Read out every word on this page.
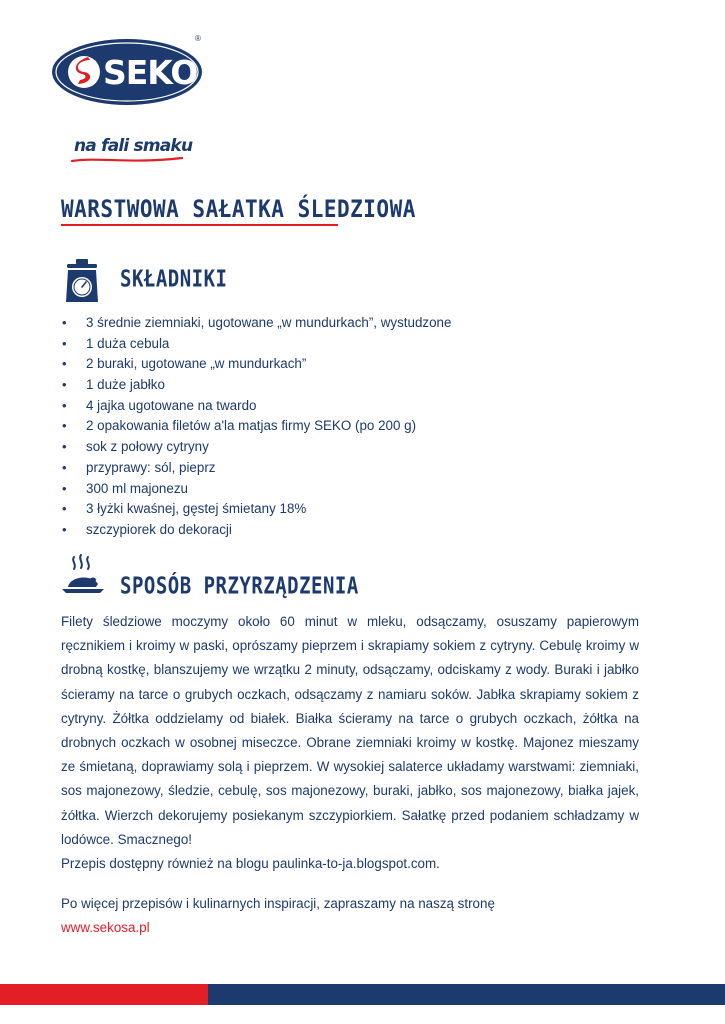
SEKO
®
na fali smaku
WARSTWOWA SAŁATKA ŚLEDZIOWA
SKŁADNIKI
• 3 średnie ziemniaki, ugotowane „w mundurkach”, wystudzone
• 1 duża cebula
• 2 buraki, ugotowane „w mundurkach”
• 1 duże jabłko
• 4 jajka ugotowane na twardo
• 2 opakowania filetów a'la matjas firmy SEKO (po 200 g)
• sok z połowy cytryny
• przyprawy: sól, pieprz
• 300 ml majonezu
• 3 łyżki kwaśnej, gęstej śmietany 18%
• szczypiorek do dekoracji
SPOSÓB PRZYRZĄDZENIA

Filety śledziowe moczymy około 60 minut w mleku, odsączamy, osuszamy papierowym ręcznikiem i kroimy w paski, oprószamy pieprzem i skrapiamy sokiem z cytryny. Cebulę kroimy w drobną kostkę, blanszujemy we wrzątku 2 minuty, odsączamy, odciskamy z wody. Buraki i jabłko ścieramy na tarce o grubych oczkach, odsączamy z namiaru soków. Jabłka skrapiamy sokiem z cytryny. Żółtka oddzielamy od białek. Białka ścieramy na tarce o grubych oczkach, żółtka na drobnych oczkach w osobnej miseczce. Obrane ziemniaki kroimy w kostkę. Majonez mieszamy ze śmietaną, doprawiamy solą i pieprzem. W wysokiej salaterce układamy warstwami: ziemniaki, sos majonezowy, śledzie, cebulę, sos majonezowy, buraki, jabłko, sos majonezowy, białka jajek, żółtka. Wierzch dekorujemy posiekanym szczypiorkiem. Sałatkę przed podaniem schładzamy w lodówce. Smacznego!

Przepis dostępny również na blogu paulinka-to-ja.blogspot.com.
Po więcej przepisów i kulinarnych inspiracji, zapraszamy na naszą stronę
www.sekosa.pl
